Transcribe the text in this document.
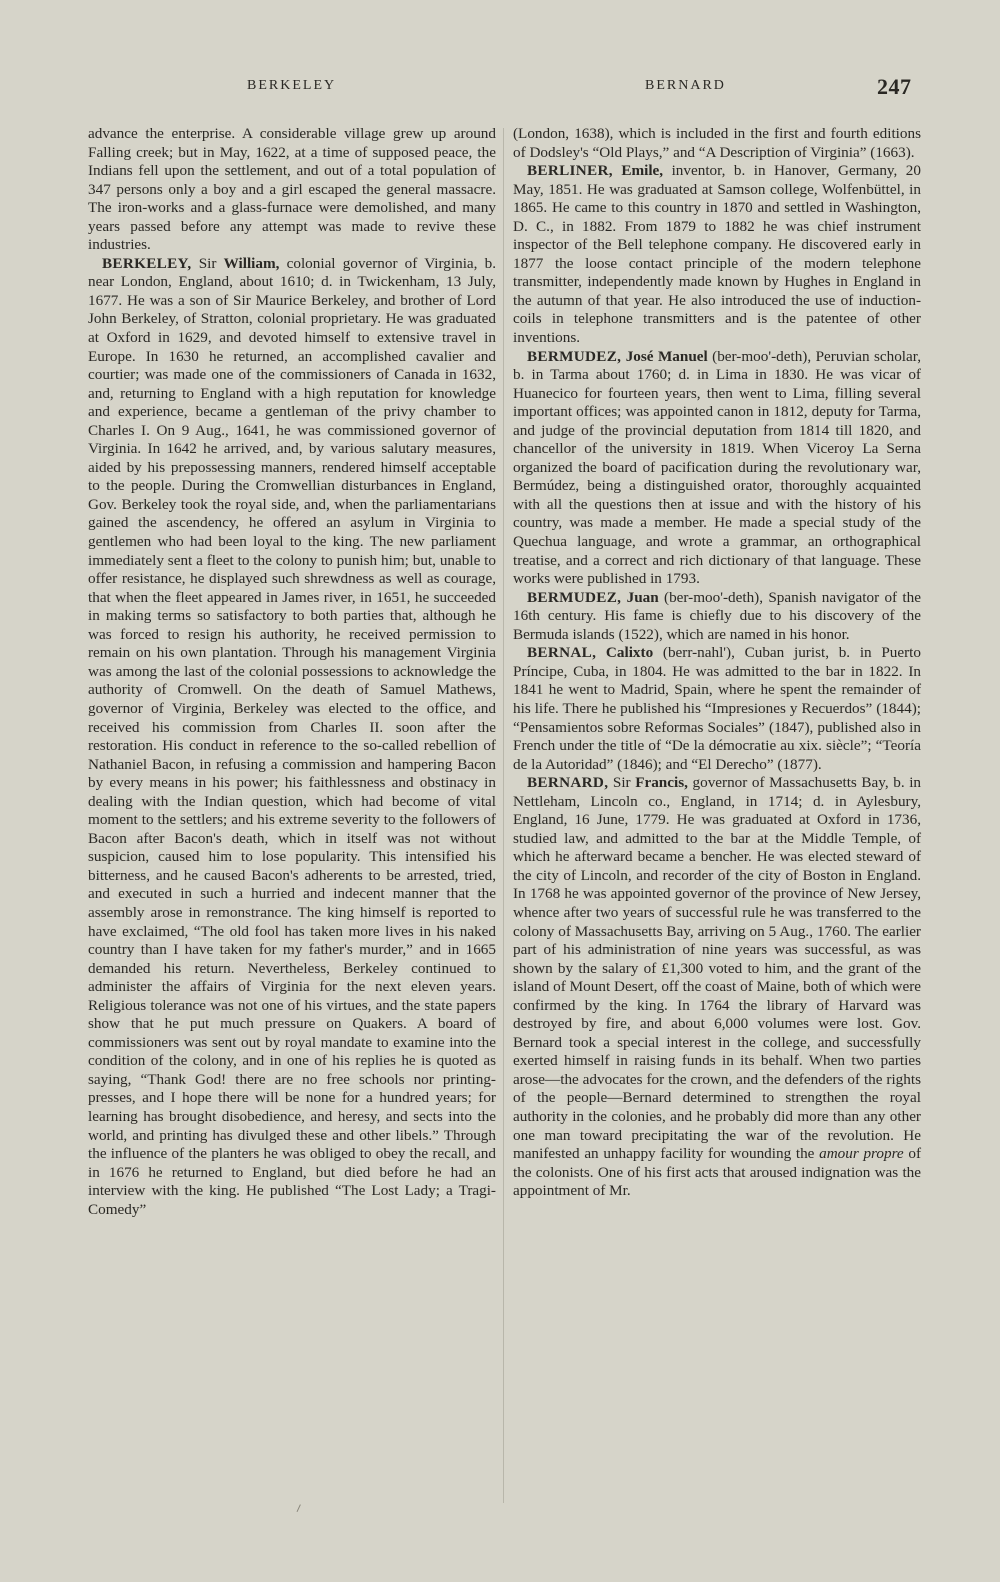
BERKELEY	BERNARD	247

advance the enterprise. A considerable village grew up around Falling creek; but in May, 1622, at a time of supposed peace, the Indians fell upon the settlement, and out of a total population of 347 persons only a boy and a girl escaped the general massacre. The iron-works and a glass-furnace were demolished, and many years passed before any attempt was made to revive these industries.

BERKELEY, Sir William, colonial governor of Virginia, b. near London, England, about 1610; d. in Twickenham, 13 July, 1677. He was a son of Sir Maurice Berkeley, and brother of Lord John Berkeley, of Stratton, colonial proprietary. He was graduated at Oxford in 1629, and devoted himself to extensive travel in Europe. In 1630 he returned, an accomplished cavalier and courtier; was made one of the commissioners of Canada in 1632, and, returning to England with a high reputation for knowledge and experience, became a gentleman of the privy chamber to Charles I. On 9 Aug., 1641, he was commissioned governor of Virginia. In 1642 he arrived, and, by various salutary measures, aided by his prepossessing manners, rendered himself acceptable to the people. During the Cromwellian disturbances in England, Gov. Berkeley took the royal side, and, when the parliamentarians gained the ascendency, he offered an asylum in Virginia to gentlemen who had been loyal to the king. The new parliament immediately sent a fleet to the colony to punish him; but, unable to offer resistance, he displayed such shrewdness as well as courage, that when the fleet appeared in James river, in 1651, he succeeded in making terms so satisfactory to both parties that, although he was forced to resign his authority, he received permission to remain on his own plantation. Through his management Virginia was among the last of the colonial possessions to acknowledge the authority of Cromwell. On the death of Samuel Mathews, governor of Virginia, Berkeley was elected to the office, and received his commission from Charles II. soon after the restoration. His conduct in reference to the so-called rebellion of Nathaniel Bacon, in refusing a commission and hampering Bacon by every means in his power; his faithlessness and obstinacy in dealing with the Indian question, which had become of vital moment to the settlers; and his extreme severity to the followers of Bacon after Bacon's death, which in itself was not without suspicion, caused him to lose popularity. This intensified his bitterness, and he caused Bacon's adherents to be arrested, tried, and executed in such a hurried and indecent manner that the assembly arose in remonstrance. The king himself is reported to have exclaimed, “The old fool has taken more lives in his naked country than I have taken for my father's murder,” and in 1665 demanded his return. Nevertheless, Berkeley continued to administer the affairs of Virginia for the next eleven years. Religious tolerance was not one of his virtues, and the state papers show that he put much pressure on Quakers. A board of commissioners was sent out by royal mandate to examine into the condition of the colony, and in one of his replies he is quoted as saying, “Thank God! there are no free schools nor printing-presses, and I hope there will be none for a hundred years; for learning has brought disobedience, and heresy, and sects into the world, and printing has divulged these and other libels.” Through the influence of the planters he was obliged to obey the recall, and in 1676 he returned to England, but died before he had an interview with the king. He published “The Lost Lady; a Tragi-Comedy”

(London, 1638), which is included in the first and fourth editions of Dodsley's “Old Plays,” and “A Description of Virginia” (1663).

BERLINER, Emile, inventor, b. in Hanover, Germany, 20 May, 1851. He was graduated at Samson college, Wolfenbüttel, in 1865. He came to this country in 1870 and settled in Washington, D. C., in 1882. From 1879 to 1882 he was chief instrument inspector of the Bell telephone company. He discovered early in 1877 the loose contact principle of the modern telephone transmitter, independently made known by Hughes in England in the autumn of that year. He also introduced the use of induction-coils in telephone transmitters and is the patentee of other inventions.

BERMUDEZ, José Manuel (ber-moo'-deth), Peruvian scholar, b. in Tarma about 1760; d. in Lima in 1830. He was vicar of Huanecico for fourteen years, then went to Lima, filling several important offices; was appointed canon in 1812, deputy for Tarma, and judge of the provincial deputation from 1814 till 1820, and chancellor of the university in 1819. When Viceroy La Serna organized the board of pacification during the revolutionary war, Bermúdez, being a distinguished orator, thoroughly acquainted with all the questions then at issue and with the history of his country, was made a member. He made a special study of the Quechua language, and wrote a grammar, an orthographical treatise, and a correct and rich dictionary of that language. These works were published in 1793.

BERMUDEZ, Juan (ber-moo'-deth), Spanish navigator of the 16th century. His fame is chiefly due to his discovery of the Bermuda islands (1522), which are named in his honor.

BERNAL, Calixto (berr-nahl'), Cuban jurist, b. in Puerto Príncipe, Cuba, in 1804. He was admitted to the bar in 1822. In 1841 he went to Madrid, Spain, where he spent the remainder of his life. There he published his “Impresiones y Recuerdos” (1844); “Pensamientos sobre Reformas Sociales” (1847), published also in French under the title of “De la démocratie au xix. siècle”; “Teoría de la Autoridad” (1846); and “El Derecho” (1877).

BERNARD, Sir Francis, governor of Massachusetts Bay, b. in Nettleham, Lincoln co., England, in 1714; d. in Aylesbury, England, 16 June, 1779. He was graduated at Oxford in 1736, studied law, and admitted to the bar at the Middle Temple, of which he afterward became a bencher. He was elected steward of the city of Lincoln, and recorder of the city of Boston in England. In 1768 he was appointed governor of the province of New Jersey, whence after two years of successful rule he was transferred to the colony of Massachusetts Bay, arriving on 5 Aug., 1760. The earlier part of his administration of nine years was successful, as was shown by the salary of £1,300 voted to him, and the grant of the island of Mount Desert, off the coast of Maine, both of which were confirmed by the king. In 1764 the library of Harvard was destroyed by fire, and about 6,000 volumes were lost. Gov. Bernard took a special interest in the college, and successfully exerted himself in raising funds in its behalf. When two parties arose—the advocates for the crown, and the defenders of the rights of the people—Bernard determined to strengthen the royal authority in the colonies, and he probably did more than any other one man toward precipitating the war of the revolution. He manifested an unhappy facility for wounding the amour propre of the colonists. One of his first acts that aroused indignation was the appointment of Mr.
